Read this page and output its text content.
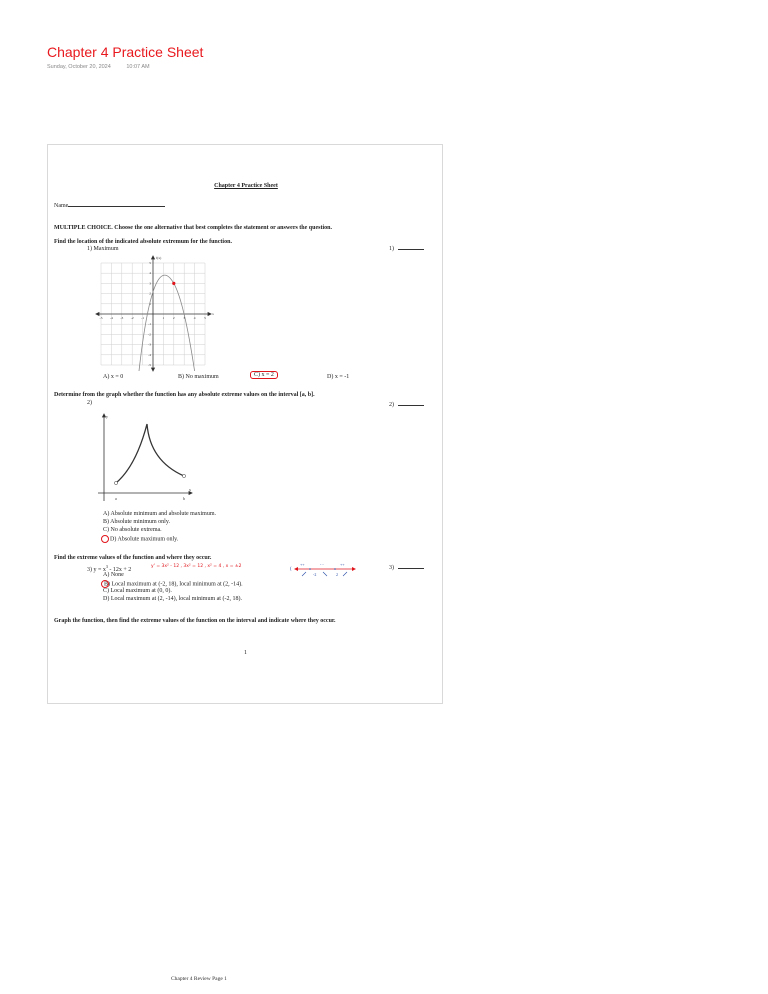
Chapter 4 Practice Sheet
Sunday, October 20, 2024	10:07 AM
Chapter 4 Practice Sheet
Name
MULTIPLE CHOICE. Choose the one alternative that best completes the statement or answers the question.
Find the location of the indicated absolute extremum for the function.
1) Maximum	1)
-5 -4 -3 -2 -1	1 2 3 4 5
x
5
4
3
2
1
-1
-2
-3
-4
-5
f(x)
A) x = 0	B) No maximum	C) x = 2	D) x = -1
Determine from the graph whether the function has any absolute extreme values on the interval [a, b].
2)	2)
y
x
a	b
A) Absolute minimum and absolute maximum.
B) Absolute minimum only.
C) No absolute extrema.
D) Absolute maximum only.
Find the extreme values of the function and where they occur.
3) $y = x^3 - 12x + 2$
y' = 3x² - 12 , 3x² = 12 , x² = 4 , x = ±2
(
++	- -	++
-2	2
3)
A) None
B) Local maximum at (-2, 18), local minimum at (2, -14).
C) Local maximum at (0, 0).
D) Local maximum at (2, -14), local minimum at (-2, 18).
Graph the function, then find the extreme values of the function on the interval and indicate where they occur.
1
Chapter 4 Review Page 1
